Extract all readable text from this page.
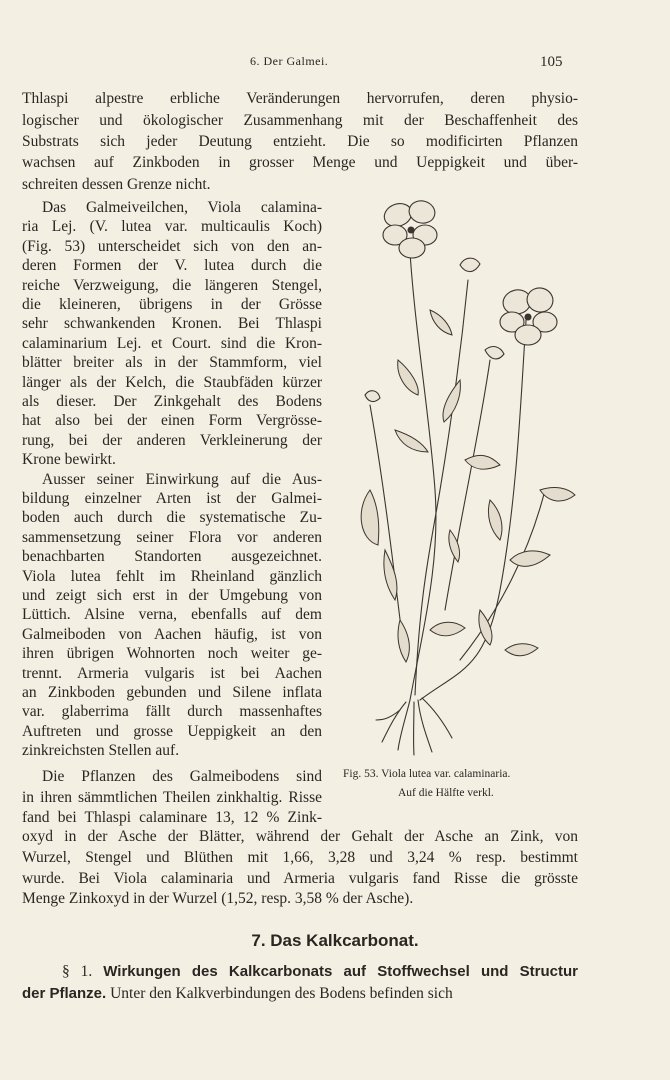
6. Der Galmei.	105
Thlaspi alpestre erbliche Veränderungen hervorrufen, deren physio-
logischer und ökologischer Zusammenhang mit der Beschaffenheit des
Substrats sich jeder Deutung entzieht. Die so modificirten Pflanzen
wachsen auf Zinkboden in grosser Menge und Ueppigkeit und über-
schreiten dessen Grenze nicht.
Das Galmeiveilchen, Viola calamina-
ria Lej. (V. lutea var. multicaulis Koch)
(Fig. 53) unterscheidet sich von den an-
deren Formen der V. lutea durch die
reiche Verzweigung, die längeren Stengel,
die kleineren, übrigens in der Grösse
sehr schwankenden Kronen. Bei Thlaspi
calaminarium Lej. et Court. sind die Kron-
blätter breiter als in der Stammform, viel
länger als der Kelch, die Staubfäden kürzer
als dieser. Der Zinkgehalt des Bodens
hat also bei der einen Form Vergrösse-
rung, bei der anderen Verkleinerung der
Krone bewirkt.
Ausser seiner Einwirkung auf die Aus-
bildung einzelner Arten ist der Galmei-
boden auch durch die systematische Zu-
sammensetzung seiner Flora vor anderen
benachbarten Standorten ausgezeichnet.
Viola lutea fehlt im Rheinland gänzlich
und zeigt sich erst in der Umgebung von
Lüttich. Alsine verna, ebenfalls auf dem
Galmeiboden von Aachen häufig, ist von
ihren übrigen Wohnorten noch weiter ge-
trennt. Armeria vulgaris ist bei Aachen
an Zinkboden gebunden und Silene inflata
var. glaberrima fällt durch massenhaftes
Auftreten und grosse Ueppigkeit an den
zinkreichsten Stellen auf.
Die Pflanzen des Galmeibodens sind
in ihren sämmtlichen Theilen zinkhaltig. Risse
fand bei Thlaspi calaminare 13, 12 % Zink-
oxyd in der Asche der Blätter, während der Gehalt der Asche an Zink, von
Wurzel, Stengel und Blüthen mit 1,66, 3,28 und 3,24 % resp. bestimmt
wurde. Bei Viola calaminaria und Armeria vulgaris fand Risse die grösste
Menge Zinkoxyd in der Wurzel (1,52, resp. 3,58 % der Asche).
Fig. 53. Viola lutea var. calaminaria.
Auf die Hälfte verkl.
7. Das Kalkcarbonat.
§ 1. Wirkungen des Kalkcarbonats auf Stoffwechsel und Structur
der Pflanze. Unter den Kalkverbindungen des Bodens befinden sich
